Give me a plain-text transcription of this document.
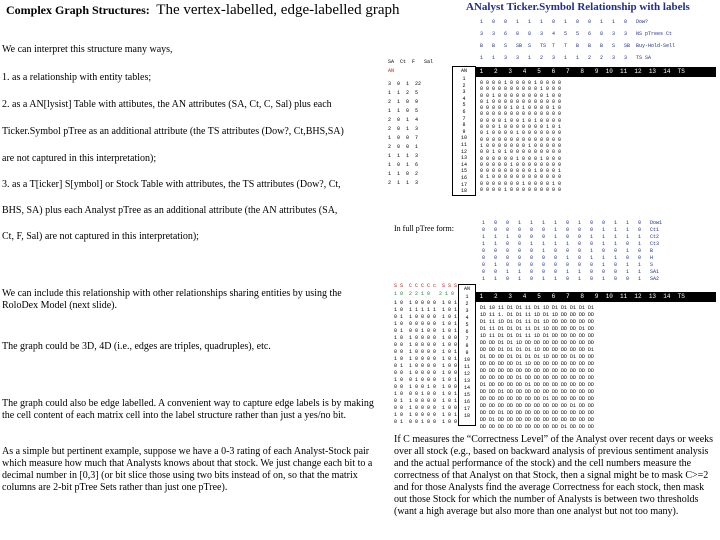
Complex Graph Structures: The vertex-labelled, edge-labelled graph	ANalyst Ticker.Symbol Relationship with labels
We can interpret this structure many ways,
1. as a relationship with entity tables;
2. as a AN[lysist] Table with attibutes, the AN attributes (SA, Ct, C, Sal) plus each
Ticker.Symbol pTree as an additional attribute (the TS attributes (Dow?, Ct,BHS,SA)
are not captured in this interpretation);
3. as a T[icker] S[ymbol] or Stock Table with attributes, the TS attributes (Dow?, Ct,
BHS, SA) plus each Analyst pTree as an additional attribute (the AN attributes (SA,
Ct, F, Sal) are not captured in this interpretation);
We can include this relationship with other relationships sharing entities by using the RoloDex Model (next slide).
The graph could be 3D, 4D (i.e., edges are triples, quadruples), etc.
The graph could also be edge labelled. A convenient way to capture edge labels is by making the cell content of each matrix cell into the label structure rather than just a yes/no bit.
As a simple but pertinent example, suppose we have a 0-3 rating of each Analyst-Stock pair which measure how much that Analysts knows about that stock. We just change each bit to a decimal number in [0,3] (or bit slice those using two bits instead of on, so that the matrix columns are 2-bit pTree Sets rather than just one pTree).
If C measures the “Correctness Level” of the Analyst over recent days or weeks over all stock (e.g., based on backward analysis of previous sentiment analysis and the actual performance of the stock) and the cell numbers measure the correctness of that Analyst on that Stock, then a signal might be to mask C>=2 and for those Analysts find the average Correctness for each stock, then mask out those Stock for which the number of Analysts is between two thresholds (want a high average but also more than one analyst but not too many).
1   0   0   1   1   1   0   1   0   0   1   1   0   Dow?
3   3   6   8   8   3   4   5   5   6   8   3   3   NS pTrees Ct
B   B   S   SB  S   TS  T   T   B   B   B   S   SB  Buy-Hold-Sell
1   1   3   3   1   2   3   1   1   2   2   3   3   TS SA
SA  Ct  F   Sal
AN
3  0  1  22
1  1  2  5
2  1  0  9
1  1  0  5
2  0  1  4
2  0  1  3
1  0  0  7
2  0  0  1
1  1  1  3
1  0  1  6
1  1  0  2
2  1  1  3
AN
1
2
3
4
5
6
7
8
9
10
11
12
13
14
15
16
17
18
1   2   3   4   5   6   7   8   9  10  11  12  13  14  TS
0 0 0 0 1 0 0 0 0 1 0 0 0 0
0 0 0 0 0 0 0 0 0 0 1 0 0 0
0 0 1 0 0 0 0 0 0 0 0 1 0 0
0 1 0 0 0 0 0 0 0 0 0 0 0 0
0 0 0 0 0 1 0 1 0 0 0 0 1 0
0 0 0 0 0 0 0 0 0 0 0 0 0 0
0 0 0 0 1 0 0 1 0 1 0 0 0 0
0 0 0 1 0 0 0 0 0 0 0 1 0 1
0 1 0 0 0 0 1 0 0 0 0 0 0 0
0 0 0 0 0 0 0 0 0 0 0 0 0 0
1 0 0 0 0 0 0 0 1 0 0 0 0 0
0 0 1 0 1 0 0 0 0 0 0 0 0 0
0 0 0 0 0 0 1 0 0 0 1 0 0 0
0 0 0 0 0 1 0 0 0 0 0 0 0 0
0 0 0 0 0 0 0 0 0 1 0 0 0 1
0 1 0 0 0 0 0 0 0 0 0 0 0 0
0 0 0 0 0 0 0 1 0 0 0 0 1 0
0 0 0 0 1 0 0 0 0 0 0 0 0 0
In full pTree form:
1   0   0   1   1   1   1   0   1   0   0   1   1   0   Dow1
0   0   0   0   0   0   1   0   0   0   1   1   1   0   Ct1
1   1   1   0   0   0   1   0   0   1   1   1   1   1   Ct2
1   1   0   0   1   1   1   1   0   0   1   1   0   1   Ct3
0   0   0   0   0   1   0   0   0   1   0   0   1   0   B
0   0   0   0   0   0   0   1   0   1   1   1   0   0   H
0   1   0   0   0   0   0   0   0   0   1   0   1   1   S
0   0   1   1   0   0   0   1   1   0   0   0   1   1   SA1
1   1   0   1   0   1   1   0   1   0   1   0   0   1   SA2
S S  C C C C c  S S S
1 0  2 2 1 0   2 1 0	1   2   3   4   5   6   7   8   9  10  11  12  13  14  TS
1 0  1 0 0 0 0  1 0 1
1 0  1 1 1 1 1  1 0 1
0 1  1 0 0 0 0  1 0 1
1 0  0 0 0 0 0  1 0 1
0 1  0 0 1 0 0  1 0 1
1 0  1 0 0 0 0  1 0 0
0 0  1 0 0 0 0  1 0 0
0 0  1 0 0 0 0  1 0 1
1 0  1 0 0 0 0  1 0 1
0 1  1 0 0 0 0  1 0 0
0 0  1 0 0 0 0  1 0 0
1 0  0 1 0 0 0  1 0 1
0 0  1 0 0 1 0  1 0 0
1 0  0 0 1 0 0  1 0 1
0 1  1 0 0 0 0  1 0 1
0 0  1 0 0 0 0  1 0 0
1 0  1 0 0 0 0  1 0 1
0 1  0 0 1 0 0  1 0 0
AN
1
2
3
4
5
6
7
8
9
10
11
12
13
14
15
16
17
18
D1 10 11 D1 D1 11 D1 1D D1 D1 D1 D1 D1
1D 11 1. D1 D1 11 1D D1 1D DD DD DD DD
D1 11 1D D1 D1 11 D1 1D DD DD DD DD DD
D1 11 D1 D1 D1 11 D1 1D DD DD DD D1 DD
1D 11 D1 D1 D1 11 1D D1 DD DD DD DD DD
DD DD D1 D1 1D DD DD DD DD DD DD DD DD
DD DD D1 D1 D1 D1 1D DD DD DD DD DD D1
D1 DD DD D1 D1 D1 D1 1D DD DD D1 DD DD
DD DD DD DD D1 1D DD DD DD DD DD DD DD
DD DD DD DD DD DD DD DD DD DD DD DD DD
DD DD DD DD D1 DD DD DD DD DD DD DD DD
D1 DD DD DD DD D1 DD DD DD DD DD DD DD
DD DD D1 DD DD DD DD DD DD DD DD DD DD
DD DD DD DD DD DD DD D1 DD DD DD DD DD
DD DD DD DD DD DD DD DD DD DD D1 DD DD
DD DD D1 DD DD DD DD DD DD DD DD DD DD
DD D1 DD DD DD DD DD DD DD DD DD DD DD
DD DD DD DD DD DD DD DD DD D1 DD DD DD
